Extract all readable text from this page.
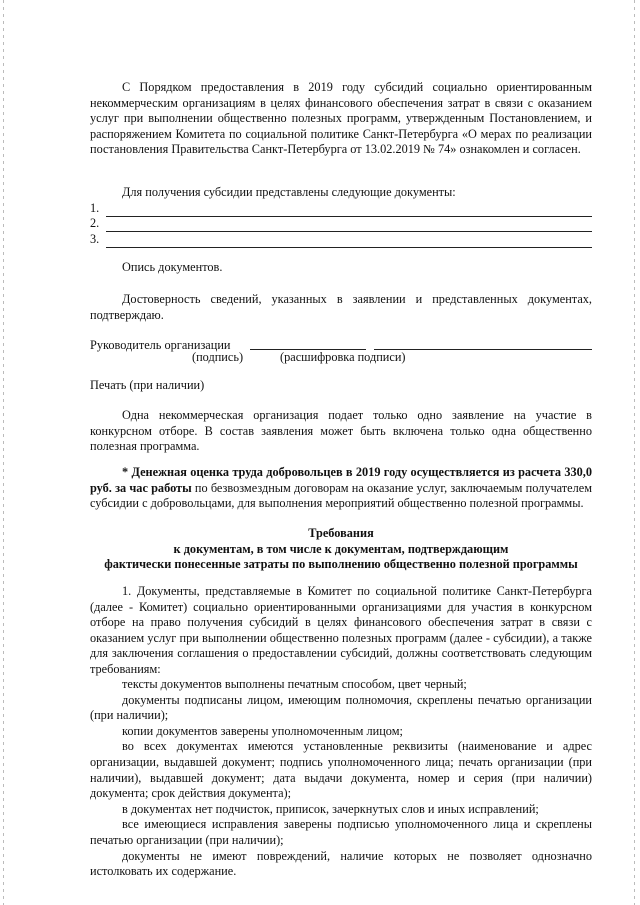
С Порядком предоставления в 2019 году субсидий социально ориентированным некоммерческим организациям в целях финансового обеспечения затрат в связи с оказанием услуг при выполнении общественно полезных программ, утвержденным Постановлением, и распоряжением Комитета по социальной политике Санкт-Петербурга «О мерах по реализации постановления Правительства Санкт-Петербурга от 13.02.2019 № 74» ознакомлен и согласен.
Для получения субсидии представлены следующие документы:
1.
2.
3.
Опись документов.
Достоверность сведений, указанных в заявлении и представленных документах, подтверждаю.
Руководитель организации
(подпись)	(расшифровка подписи)
Печать (при наличии)
Одна некоммерческая организация подает только одно заявление на участие в конкурсном отборе. В состав заявления может быть включена только одна общественно полезная программа.
* Денежная оценка труда добровольцев в 2019 году осуществляется из расчета 330,0 руб. за час работы по безвозмездным договорам на оказание услуг, заключаемым получателем субсидии с добровольцами, для выполнения мероприятий общественно полезной программы.
Требования
к документам, в том числе к документам, подтверждающим
фактически понесенные затраты по выполнению общественно полезной программы
1. Документы, представляемые в Комитет по социальной политике Санкт-Петербурга (далее - Комитет) социально ориентированными организациями для участия в конкурсном отборе на право получения субсидий в целях финансового обеспечения затрат в связи с оказанием услуг при выполнении общественно полезных программ (далее - субсидии), а также для заключения соглашения о предоставлении субсидий, должны соответствовать следующим требованиям:
тексты документов выполнены печатным способом, цвет черный;
документы подписаны лицом, имеющим полномочия, скреплены печатью организации (при наличии);
копии документов заверены уполномоченным лицом;
во всех документах имеются установленные реквизиты (наименование и адрес организации, выдавшей документ; подпись уполномоченного лица; печать организации (при наличии), выдавшей документ; дата выдачи документа, номер и серия (при наличии) документа; срок действия документа);
в документах нет подчисток, приписок, зачеркнутых слов и иных исправлений;
все имеющиеся исправления заверены подписью уполномоченного лица и скреплены печатью организации (при наличии);
документы не имеют повреждений, наличие которых не позволяет однозначно истолковать их содержание.
